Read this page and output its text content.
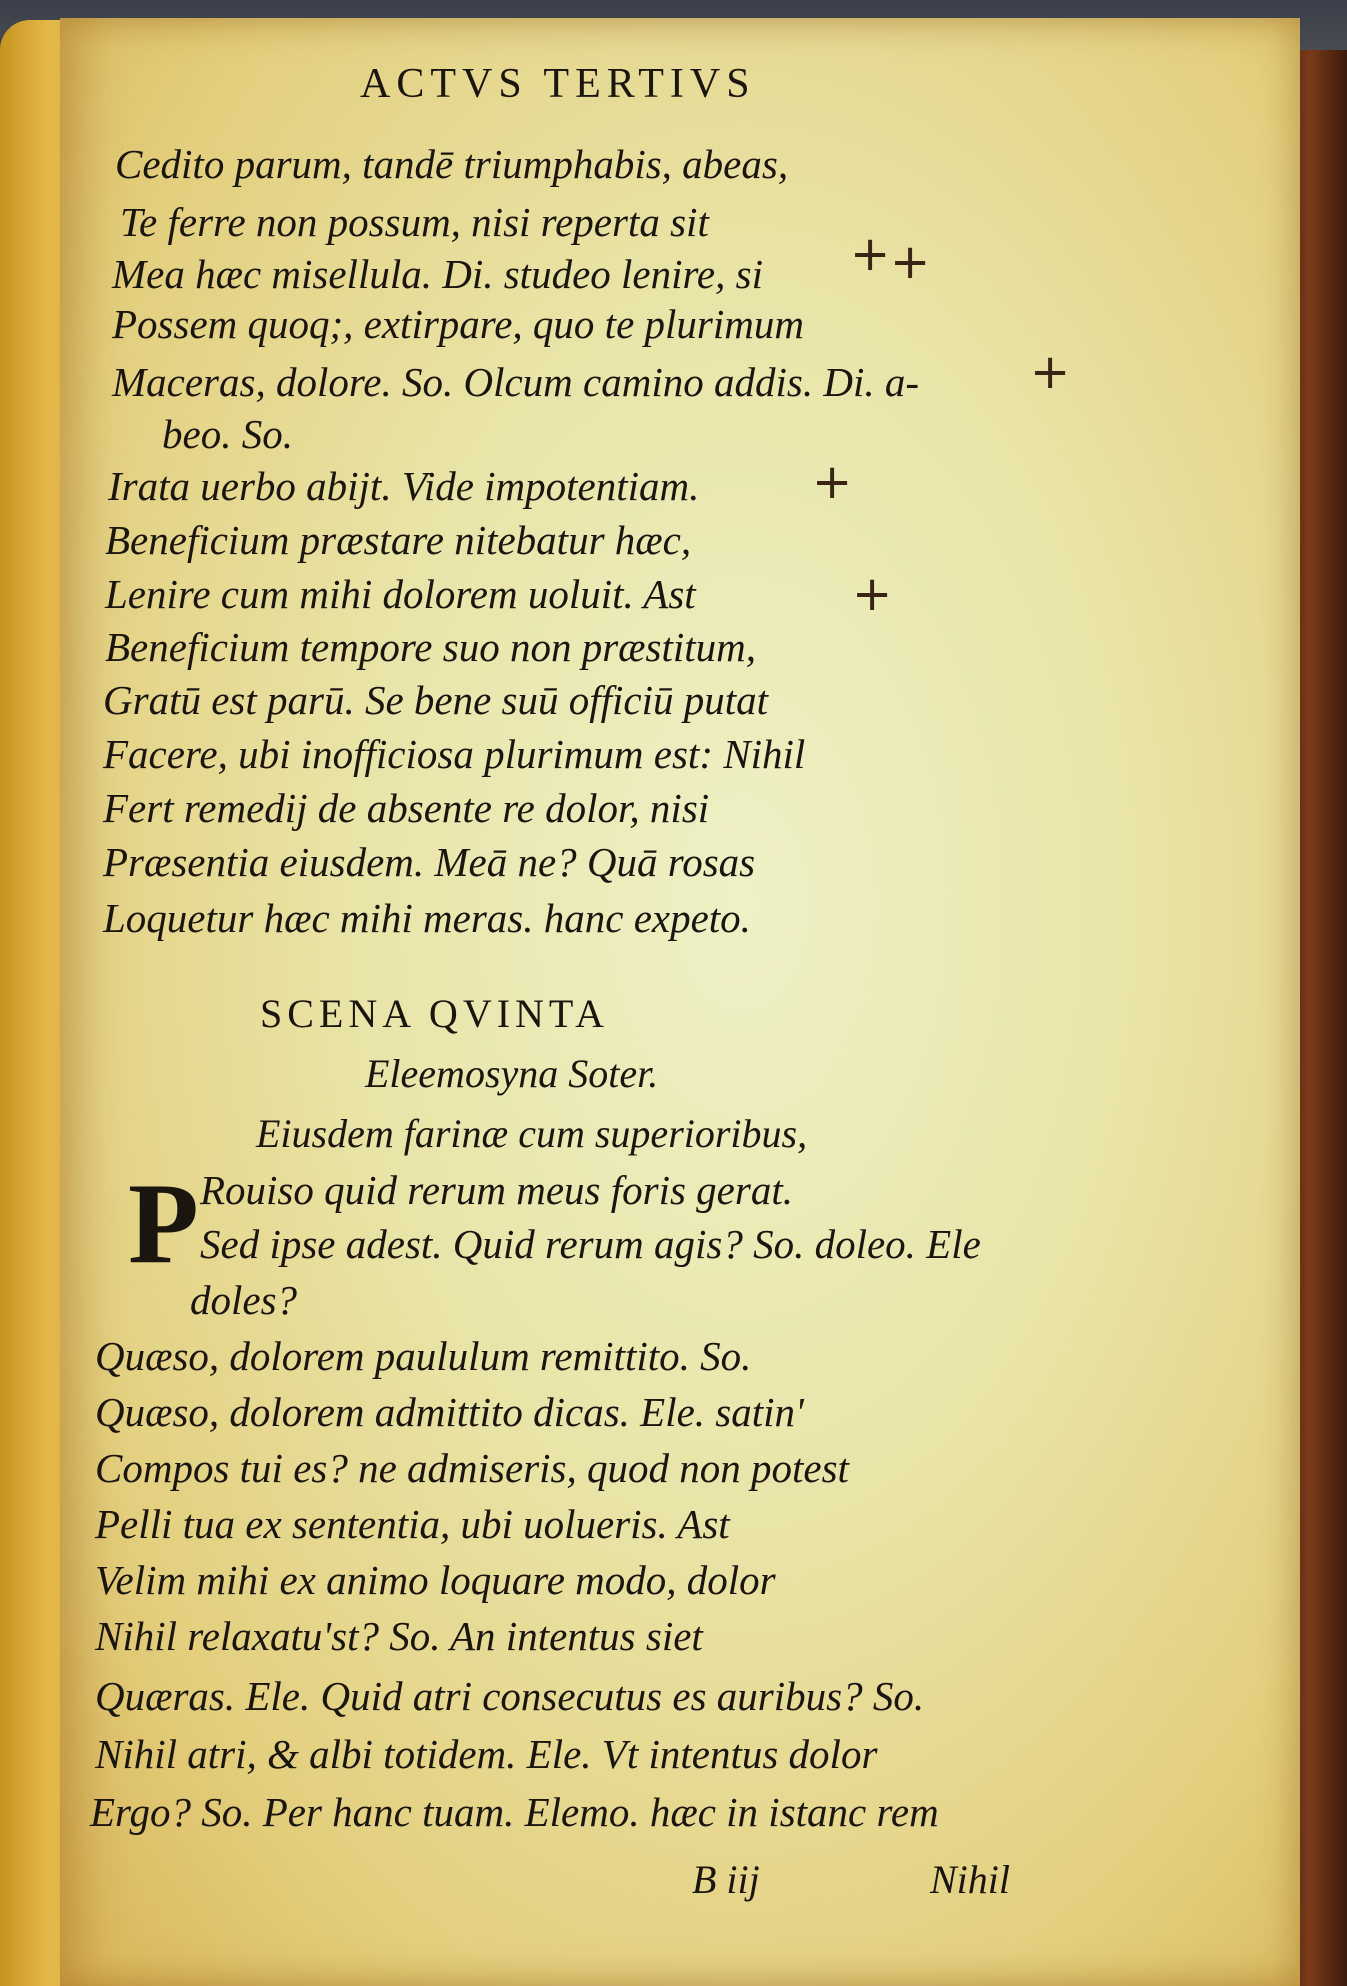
ACTVS TERTIVS
Cedito parum, tandē triumphabis, abeas,
Te ferre non possum, nisi reperta sit
Mea hæc misellula. Di. studeo lenire, si
Possem quoq;, extirpare, quo te plurimum
Maceras, dolore. So. Olcum camino addis. Di. a-
beo. So.
Irata uerbo abijt. Vide impotentiam.
Beneficium præstare nitebatur hæc,
Lenire cum mihi dolorem uoluit. Ast
Beneficium tempore suo non præstitum,
Gratū est parū. Se bene suū officiū putat
Facere, ubi inofficiosa plurimum est: Nihil
Fert remedij de absente re dolor, nisi
Præsentia eiusdem. Meā ne? Quā rosas
Loquetur hæc mihi meras. hanc expeto.
+ +
+
+
+
SCENA QVINTA
Eleemosyna Soter.
Eiusdem farinæ cum superioribus,
P Rouiso quid rerum meus foris gerat.
Sed ipse adest. Quid rerum agis? So. doleo. Ele
doles?
Quæso, dolorem paululum remittito. So.
Quæso, dolorem admittito dicas. Ele. satin'
Compos tui es? ne admiseris, quod non potest
Pelli tua ex sententia, ubi uolueris. Ast
Velim mihi ex animo loquare modo, dolor
Nihil relaxatu'st? So. An intentus siet
Quæras. Ele. Quid atri consecutus es auribus? So.
Nihil atri, & albi totidem. Ele. Vt intentus dolor
Ergo? So. Per hanc tuam. Elemo. hæc in istanc rem
B iij	Nihil
